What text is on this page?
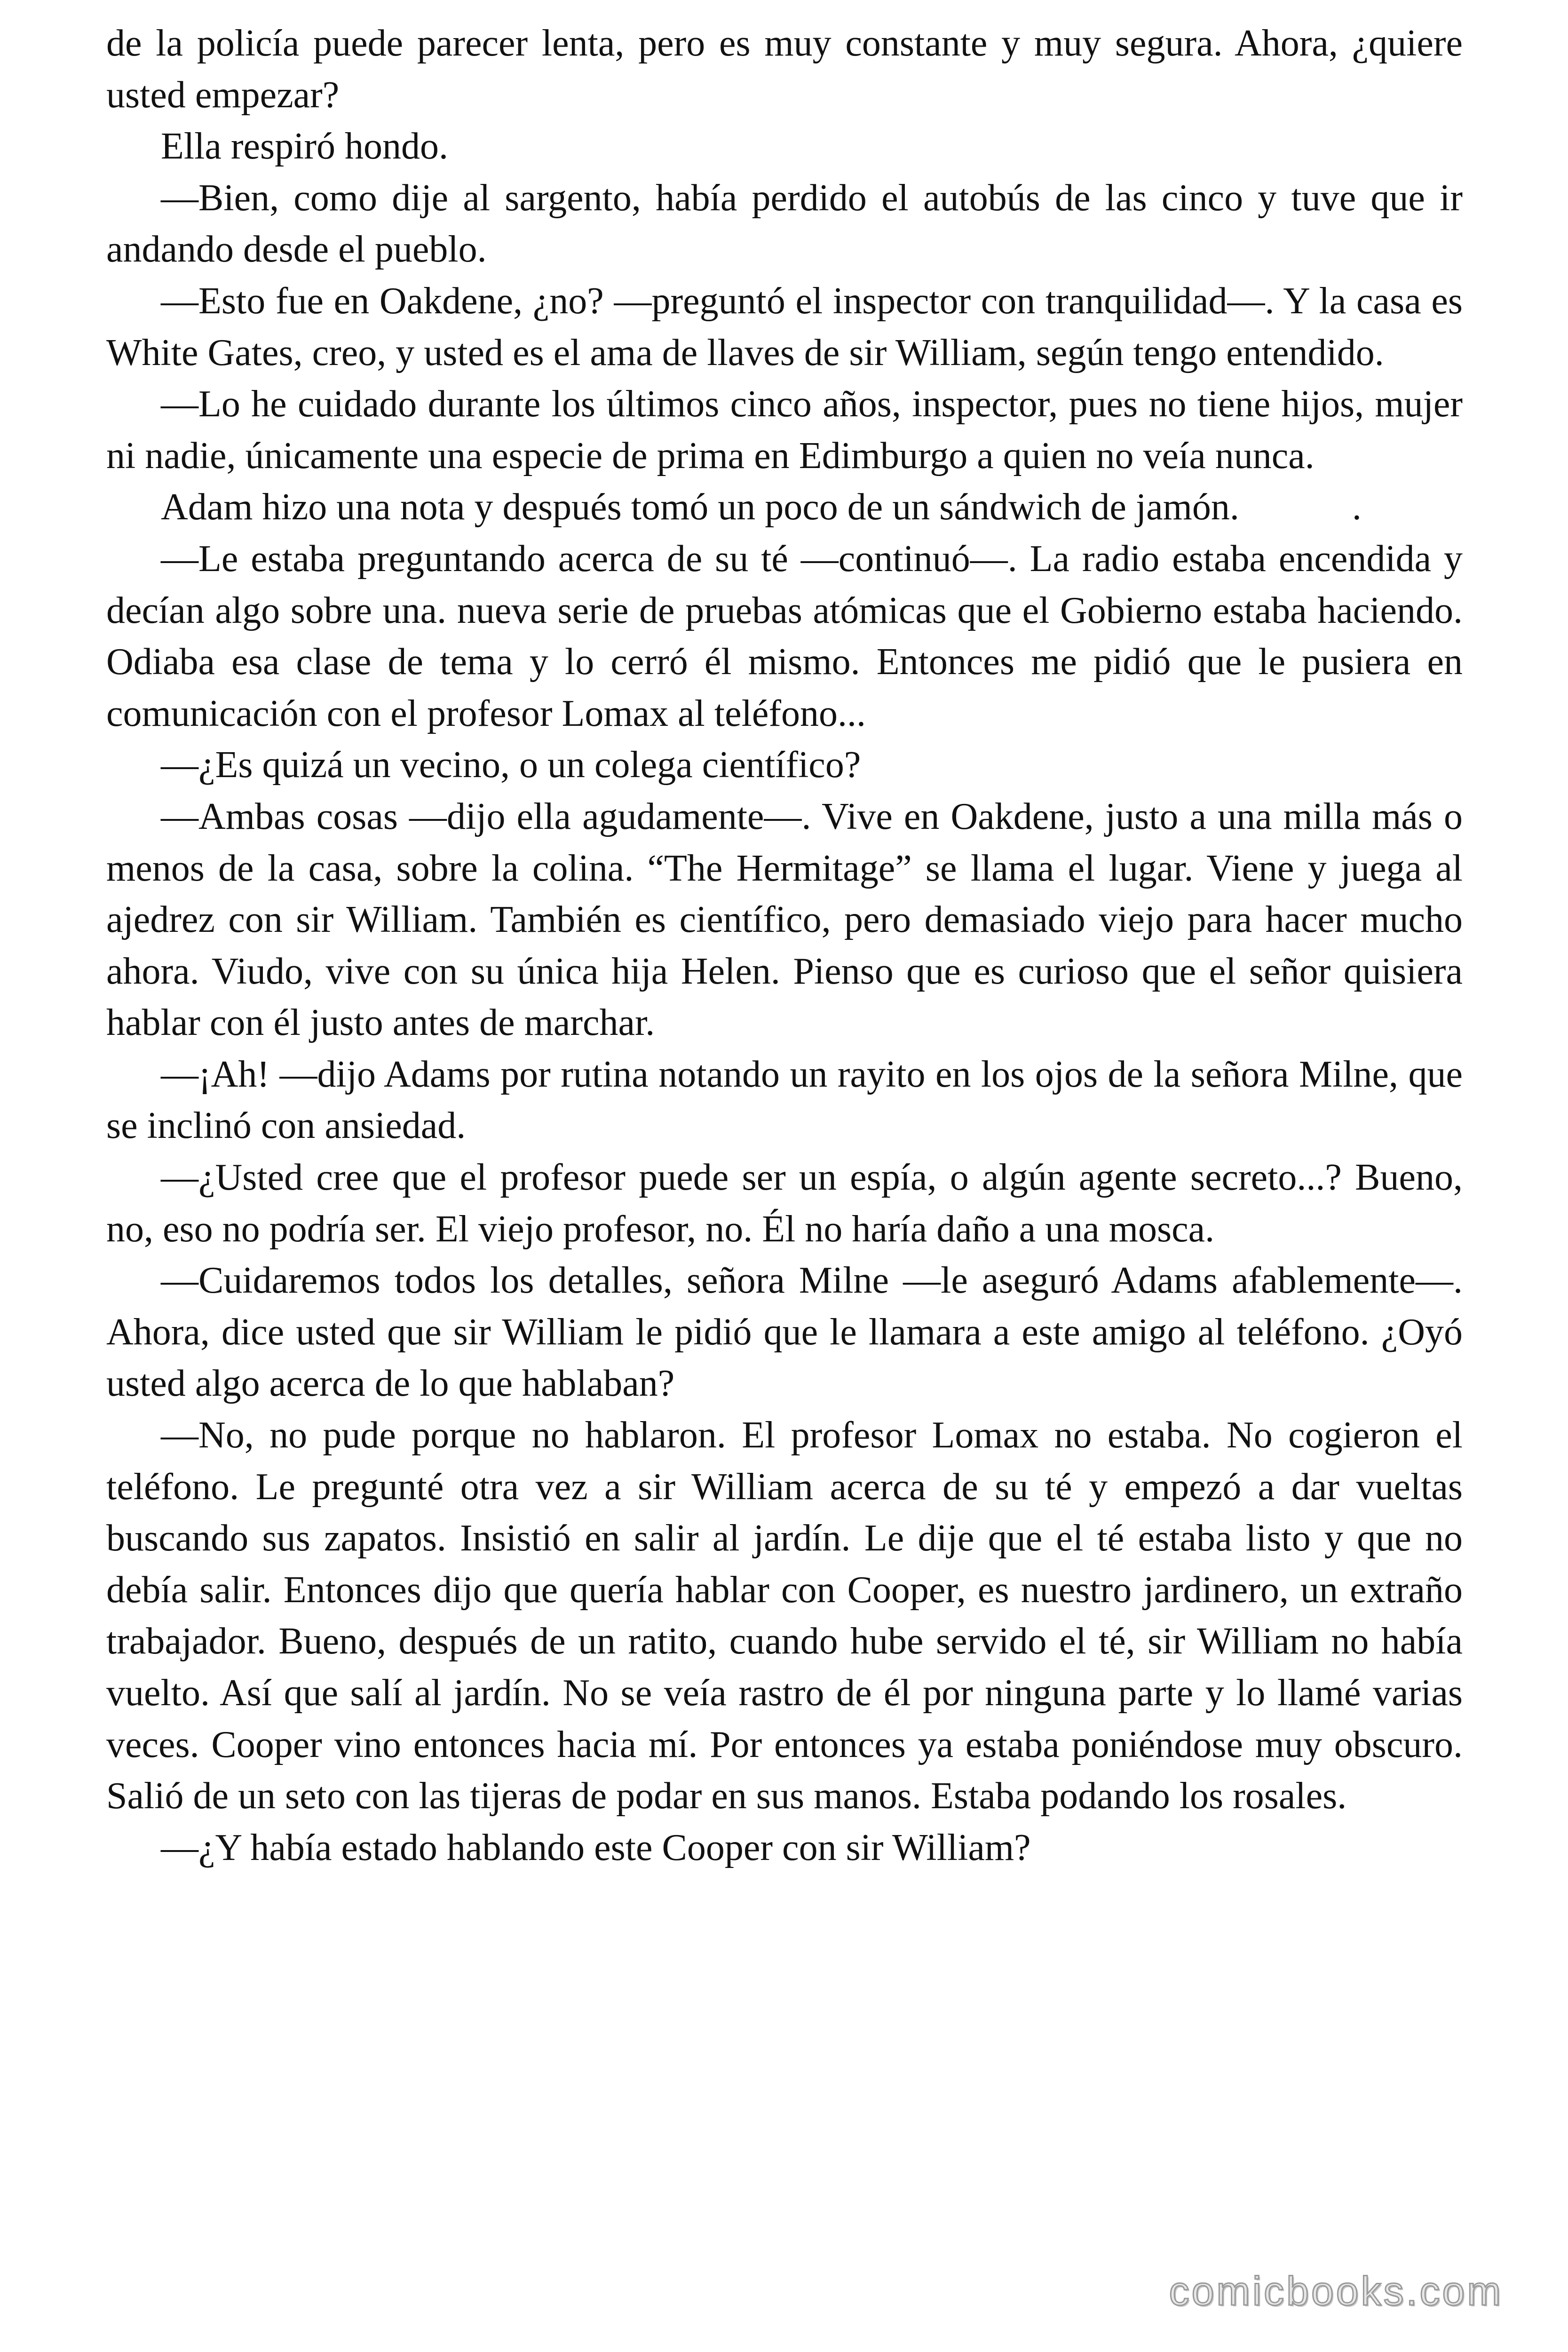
de la policía puede parecer lenta, pero es muy constante y muy segura. Ahora, ¿quiere usted empezar?

Ella respiró hondo.

—Bien, como dije al sargento, había perdido el autobús de las cinco y tuve que ir andando desde el pueblo.

—Esto fue en Oakdene, ¿no? —preguntó el inspector con tranquilidad—. Y la casa es White Gates, creo, y usted es el ama de llaves de sir William, según tengo entendido.

—Lo he cuidado durante los últimos cinco años, inspector, pues no tiene hijos, mujer ni nadie, únicamente una especie de prima en Edimburgo a quien no veía nunca.

Adam hizo una nota y después tomó un poco de un sándwich de jamón.            .

—Le estaba preguntando acerca de su té —continuó—. La radio estaba encendida y decían algo sobre una. nueva serie de pruebas atómicas que el Gobierno estaba haciendo. Odiaba esa clase de tema y lo cerró él mismo. Entonces me pidió que le pusiera en comunicación con el profesor Lomax al teléfono...

—¿Es quizá un vecino, o un colega científico?

—Ambas cosas —dijo ella agudamente—. Vive en Oakdene, justo a una milla más o menos de la casa, sobre la colina. “The Hermitage” se llama el lugar. Viene y juega al ajedrez con sir William. También es científico, pero demasiado viejo para hacer mucho ahora. Viudo, vive con su única hija Helen. Pienso que es curioso que el señor quisiera hablar con él justo antes de marchar.

—¡Ah! —dijo Adams por rutina notando un rayito en los ojos de la señora Milne, que se inclinó con ansiedad.

—¿Usted cree que el profesor puede ser un espía, o algún agente secreto...? Bueno, no, eso no podría ser. El viejo profesor, no. Él no haría daño a una mosca.

—Cuidaremos todos los detalles, señora Milne —le aseguró Adams afablemente—. Ahora, dice usted que sir William le pidió que le llamara a este amigo al teléfono. ¿Oyó usted algo acerca de lo que hablaban?

—No, no pude porque no hablaron. El profesor Lomax no estaba. No cogieron el teléfono. Le pregunté otra vez a sir William acerca de su té y empezó a dar vueltas buscando sus zapatos. Insistió en salir al jardín. Le dije que el té estaba listo y que no debía salir. Entonces dijo que quería hablar con Cooper, es nuestro jardinero, un extraño trabajador. Bueno, después de un ratito, cuando hube servido el té, sir William no había vuelto. Así que salí al jardín. No se veía rastro de él por ninguna parte y lo llamé varias veces. Cooper vino entonces hacia mí. Por entonces ya estaba poniéndose muy obscuro. Salió de un seto con las tijeras de podar en sus manos. Estaba podando los rosales.

—¿Y había estado hablando este Cooper con sir William?

comicbooks.com
